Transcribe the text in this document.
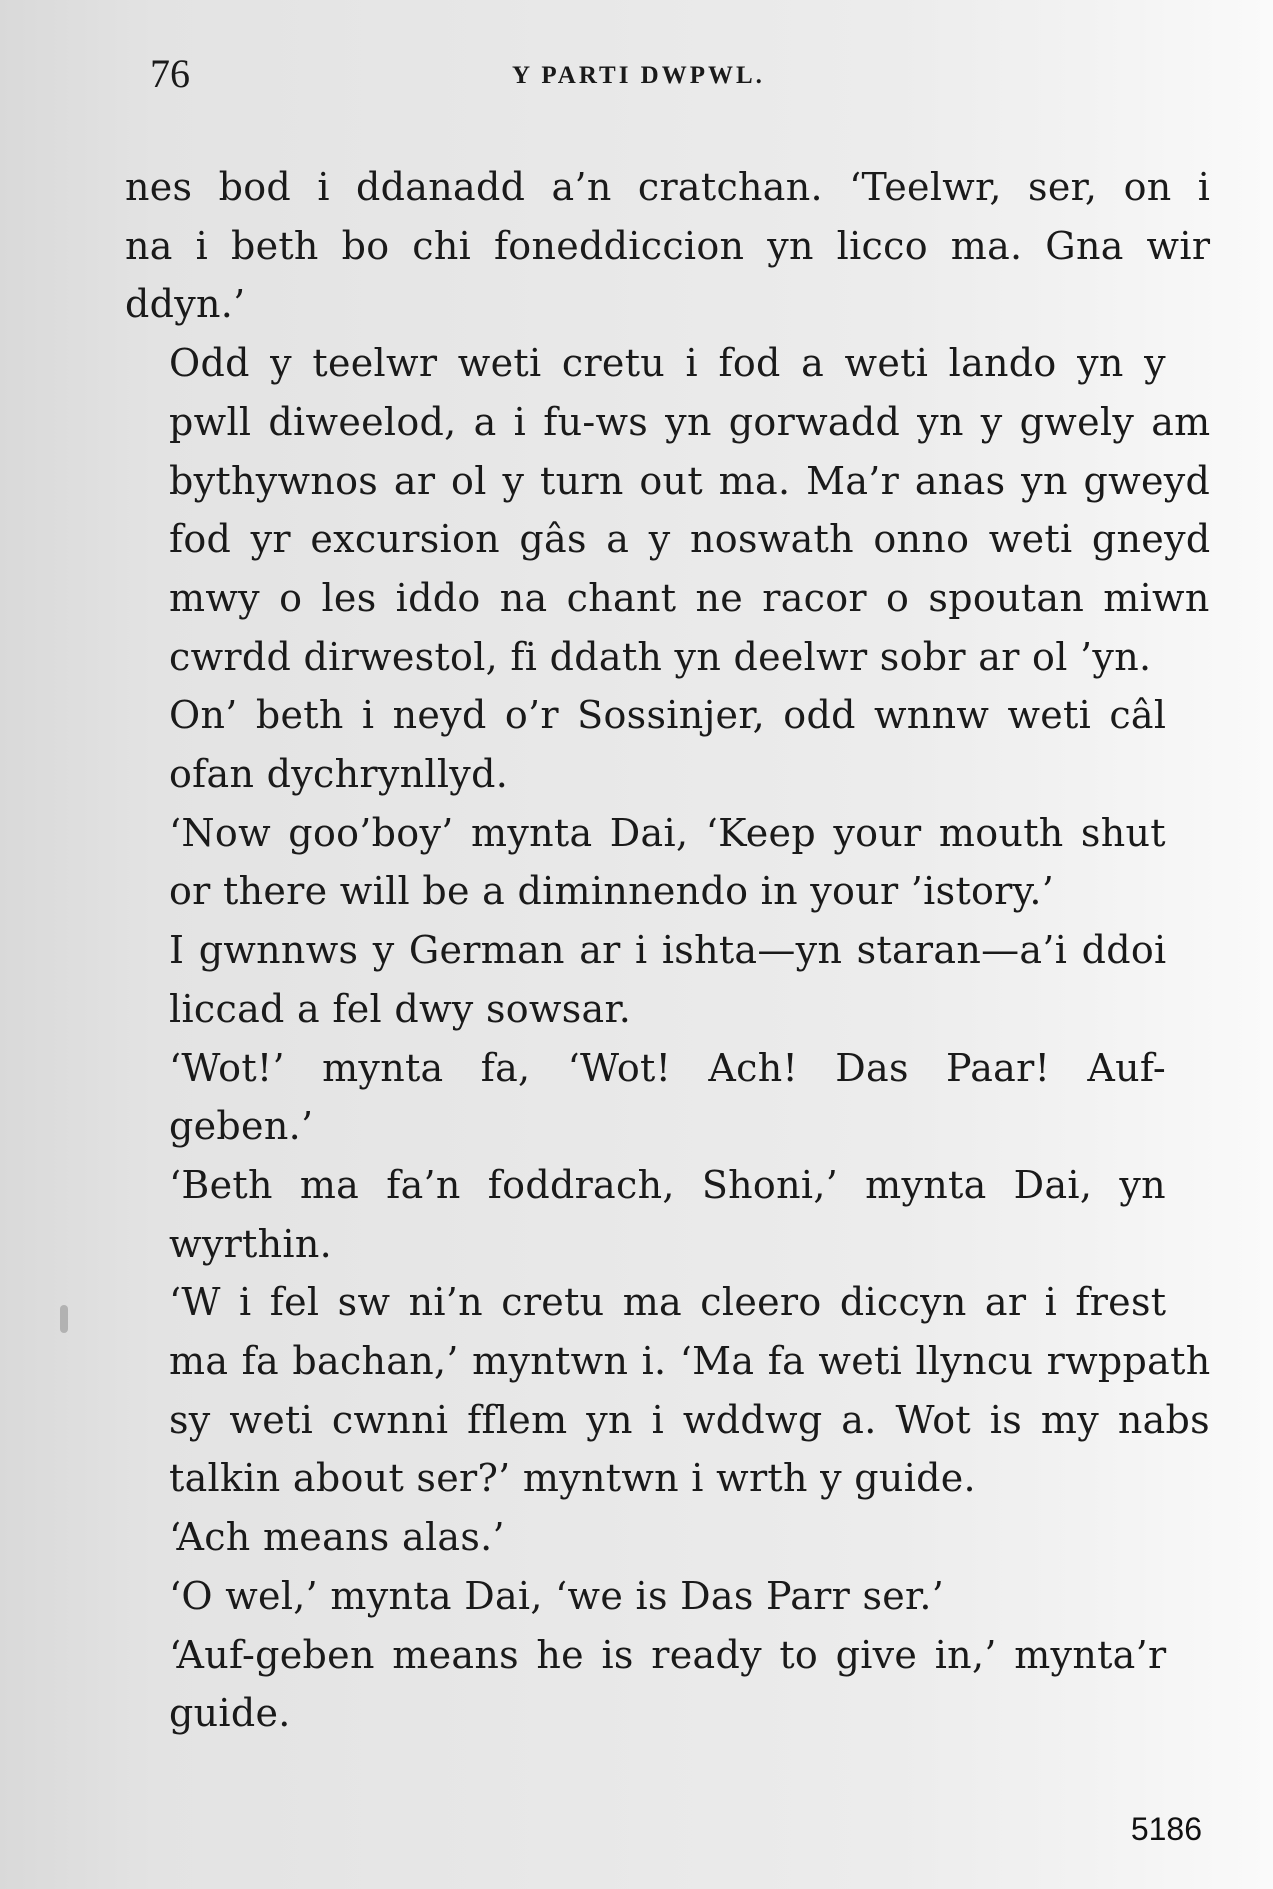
76	Y PARTI DWPWL.

nes bod i ddanadd a’n cratchan. ‘Teelwr, ser, on i
na i beth bo chi foneddiccion yn licco ma. Gna wir
ddyn.’

Odd y teelwr weti cretu i fod a weti lando yn y
pwll diweelod, a i fu-ws yn gorwadd yn y gwely am
bythywnos ar ol y turn out ma. Ma’r anas yn gweyd
fod yr excursion gâs a y noswath onno weti gneyd
mwy o les iddo na chant ne racor o spoutan miwn
cwrdd dirwestol, fi ddath yn deelwr sobr ar ol ’yn.

On’ beth i neyd o’r Sossinjer, odd wnnw weti câl
ofan dychrynllyd.

‘Now goo’boy’ mynta Dai, ‘Keep your mouth shut
or there will be a diminnendo in your ’istory.’

I gwnnws y German ar i ishta—yn staran—a’i ddoi
liccad a fel dwy sowsar.

‘Wot!’ mynta fa, ‘Wot! Ach! Das Paar! Auf-
geben.’

‘Beth ma fa’n foddrach, Shoni,’ mynta Dai, yn
wyrthin.

‘W i fel sw ni’n cretu ma cleero diccyn ar i frest
ma fa bachan,’ myntwn i. ‘Ma fa weti llyncu rwppath
sy weti cwnni fflem yn i wddwg a. Wot is my nabs
talkin about ser?’ myntwn i wrth y guide.

‘Ach means alas.’

‘O wel,’ mynta Dai, ‘we is Das Parr ser.’

‘Auf-geben means he is ready to give in,’ mynta’r
guide.

5186
